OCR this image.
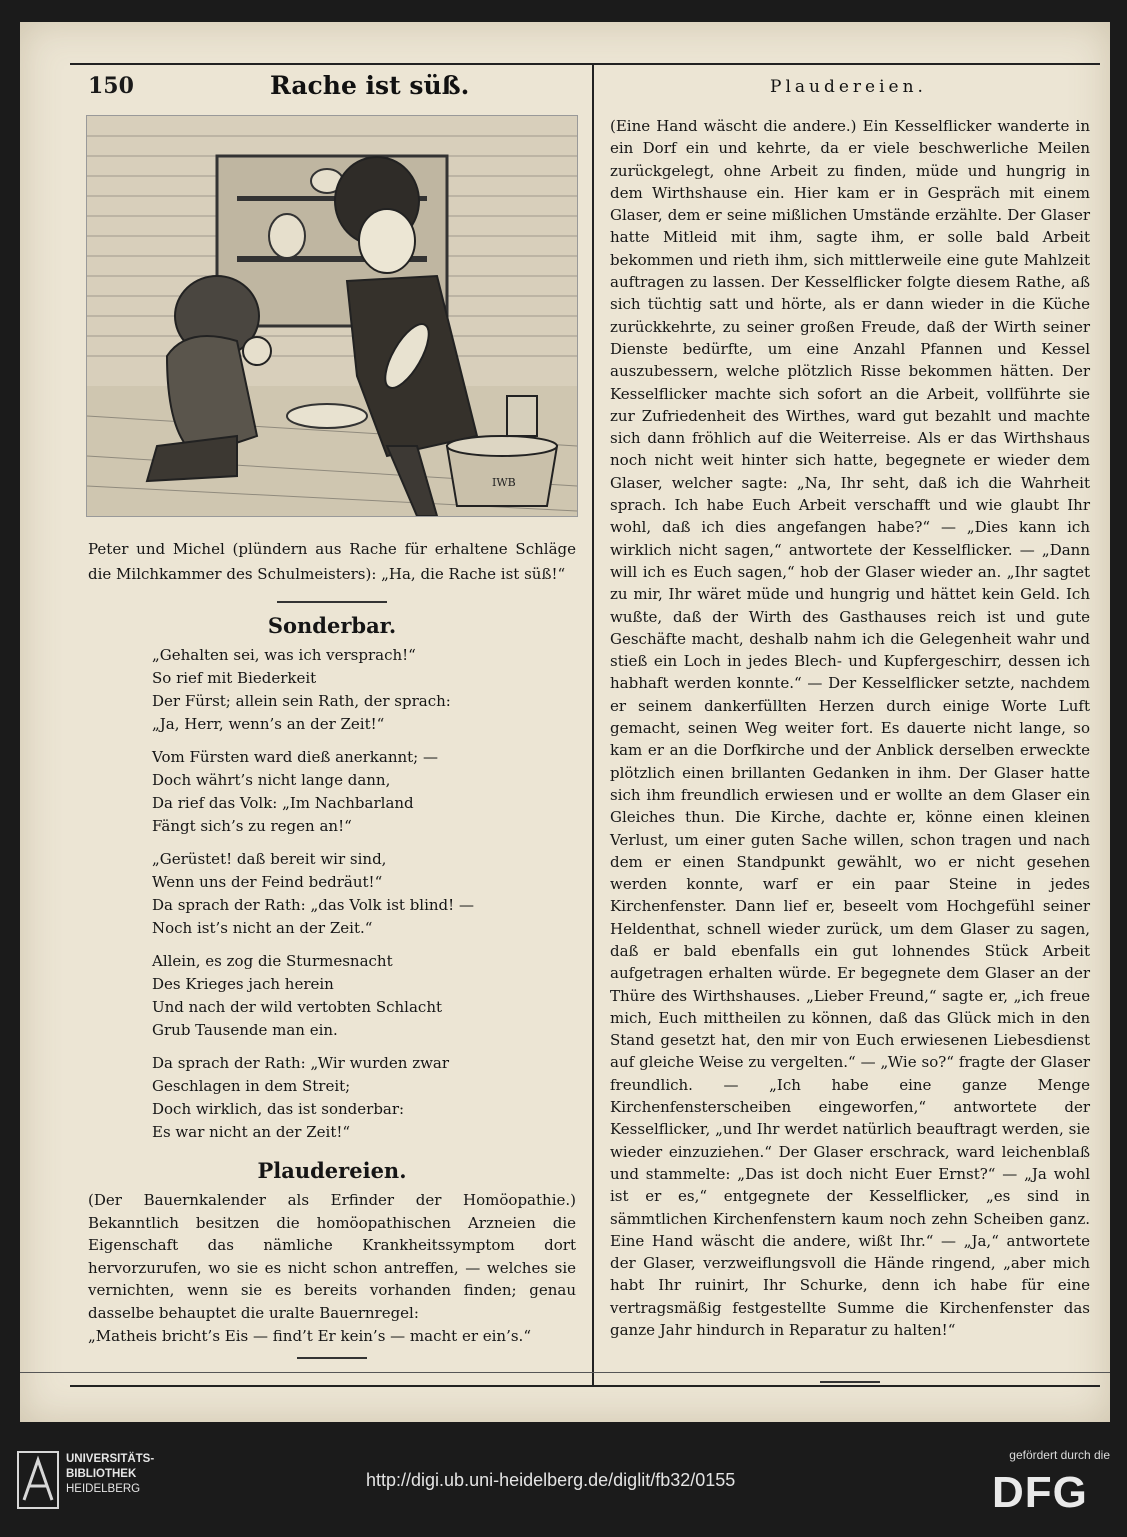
150	Rache ist süß.	Plaudereien.
IWB
Peter und Michel (plündern aus Rache für erhaltene Schläge die Milchkammer des Schulmeisters): „Ha, die Rache ist süß!“
Sonderbar.
„Gehalten sei, was ich versprach!“
So rief mit Biederkeit
Der Fürst; allein sein Rath, der sprach:
„Ja, Herr, wenn’s an der Zeit!“
Vom Fürsten ward dieß anerkannt; —
Doch währt’s nicht lange dann,
Da rief das Volk: „Im Nachbarland
Fängt sich’s zu regen an!“
„Gerüstet! daß bereit wir sind,
Wenn uns der Feind bedräut!“
Da sprach der Rath: „das Volk ist blind! —
Noch ist’s nicht an der Zeit.“
Allein, es zog die Sturmesnacht
Des Krieges jach herein
Und nach der wild vertobten Schlacht
Grub Tausende man ein.
Da sprach der Rath: „Wir wurden zwar
Geschlagen in dem Streit;
Doch wirklich, das ist sonderbar:
Es war nicht an der Zeit!“
Plaudereien.
(Der Bauernkalender als Erfinder der Homöopathie.) Bekanntlich besitzen die homöopathischen Arzneien die Eigenschaft das nämliche Krankheitssymptom dort hervorzurufen, wo sie es nicht schon antreffen, — welches sie vernichten, wenn sie es bereits vorhanden finden; genau dasselbe behauptet die uralte Bauernregel:
„Matheis bricht’s Eis — find’t Er kein’s — macht er ein’s.“
(Eine Hand wäscht die andere.) Ein Kesselflicker wanderte in ein Dorf ein und kehrte, da er viele beschwerliche Meilen zurückgelegt, ohne Arbeit zu finden, müde und hungrig in dem Wirthshause ein. Hier kam er in Gespräch mit einem Glaser, dem er seine mißlichen Umstände erzählte. Der Glaser hatte Mitleid mit ihm, sagte ihm, er solle bald Arbeit bekommen und rieth ihm, sich mittlerweile eine gute Mahlzeit auftragen zu lassen. Der Kesselflicker folgte diesem Rathe, aß sich tüchtig satt und hörte, als er dann wieder in die Küche zurückkehrte, zu seiner großen Freude, daß der Wirth seiner Dienste bedürfte, um eine Anzahl Pfannen und Kessel auszubessern, welche plötzlich Risse bekommen hätten. Der Kesselflicker machte sich sofort an die Arbeit, vollführte sie zur Zufriedenheit des Wirthes, ward gut bezahlt und machte sich dann fröhlich auf die Weiterreise. Als er das Wirthshaus noch nicht weit hinter sich hatte, begegnete er wieder dem Glaser, welcher sagte: „Na, Ihr seht, daß ich die Wahrheit sprach. Ich habe Euch Arbeit verschafft und wie glaubt Ihr wohl, daß ich dies angefangen habe?“ — „Dies kann ich wirklich nicht sagen,“ antwortete der Kesselflicker. — „Dann will ich es Euch sagen,“ hob der Glaser wieder an. „Ihr sagtet zu mir, Ihr wäret müde und hungrig und hättet kein Geld. Ich wußte, daß der Wirth des Gasthauses reich ist und gute Geschäfte macht, deshalb nahm ich die Gelegenheit wahr und stieß ein Loch in jedes Blech- und Kupfergeschirr, dessen ich habhaft werden konnte.“ — Der Kesselflicker setzte, nachdem er seinem dankerfüllten Herzen durch einige Worte Luft gemacht, seinen Weg weiter fort. Es dauerte nicht lange, so kam er an die Dorfkirche und der Anblick derselben erweckte plötzlich einen brillanten Gedanken in ihm. Der Glaser hatte sich ihm freundlich erwiesen und er wollte an dem Glaser ein Gleiches thun. Die Kirche, dachte er, könne einen kleinen Verlust, um einer guten Sache willen, schon tragen und nach dem er einen Standpunkt gewählt, wo er nicht gesehen werden konnte, warf er ein paar Steine in jedes Kirchenfenster. Dann lief er, beseelt vom Hochgefühl seiner Heldenthat, schnell wieder zurück, um dem Glaser zu sagen, daß er bald ebenfalls ein gut lohnendes Stück Arbeit aufgetragen erhalten würde. Er begegnete dem Glaser an der Thüre des Wirthshauses. „Lieber Freund,“ sagte er, „ich freue mich, Euch mittheilen zu können, daß das Glück mich in den Stand gesetzt hat, den mir von Euch erwiesenen Liebesdienst auf gleiche Weise zu vergelten.“ — „Wie so?“ fragte der Glaser freundlich. — „Ich habe eine ganze Menge Kirchenfensterscheiben eingeworfen,“ antwortete der Kesselflicker, „und Ihr werdet natürlich beauftragt werden, sie wieder einzuziehen.“ Der Glaser erschrack, ward leichenblaß und stammelte: „Das ist doch nicht Euer Ernst?“ — „Ja wohl ist er es,“ entgegnete der Kesselflicker, „es sind in sämmtlichen Kirchenfenstern kaum noch zehn Scheiben ganz. Eine Hand wäscht die andere, wißt Ihr.“ — „Ja,“ antwortete der Glaser, verzweiflungsvoll die Hände ringend, „aber mich habt Ihr ruinirt, Ihr Schurke, denn ich habe für eine vertragsmäßig festgestellte Summe die Kirchenfenster das ganze Jahr hindurch in Reparatur zu halten!“
UNIVERSITÄTS-
BIBLIOTHEK
HEIDELBERG	http://digi.ub.uni-heidelberg.de/diglit/fb32/0155
gefördert durch die
DFG
